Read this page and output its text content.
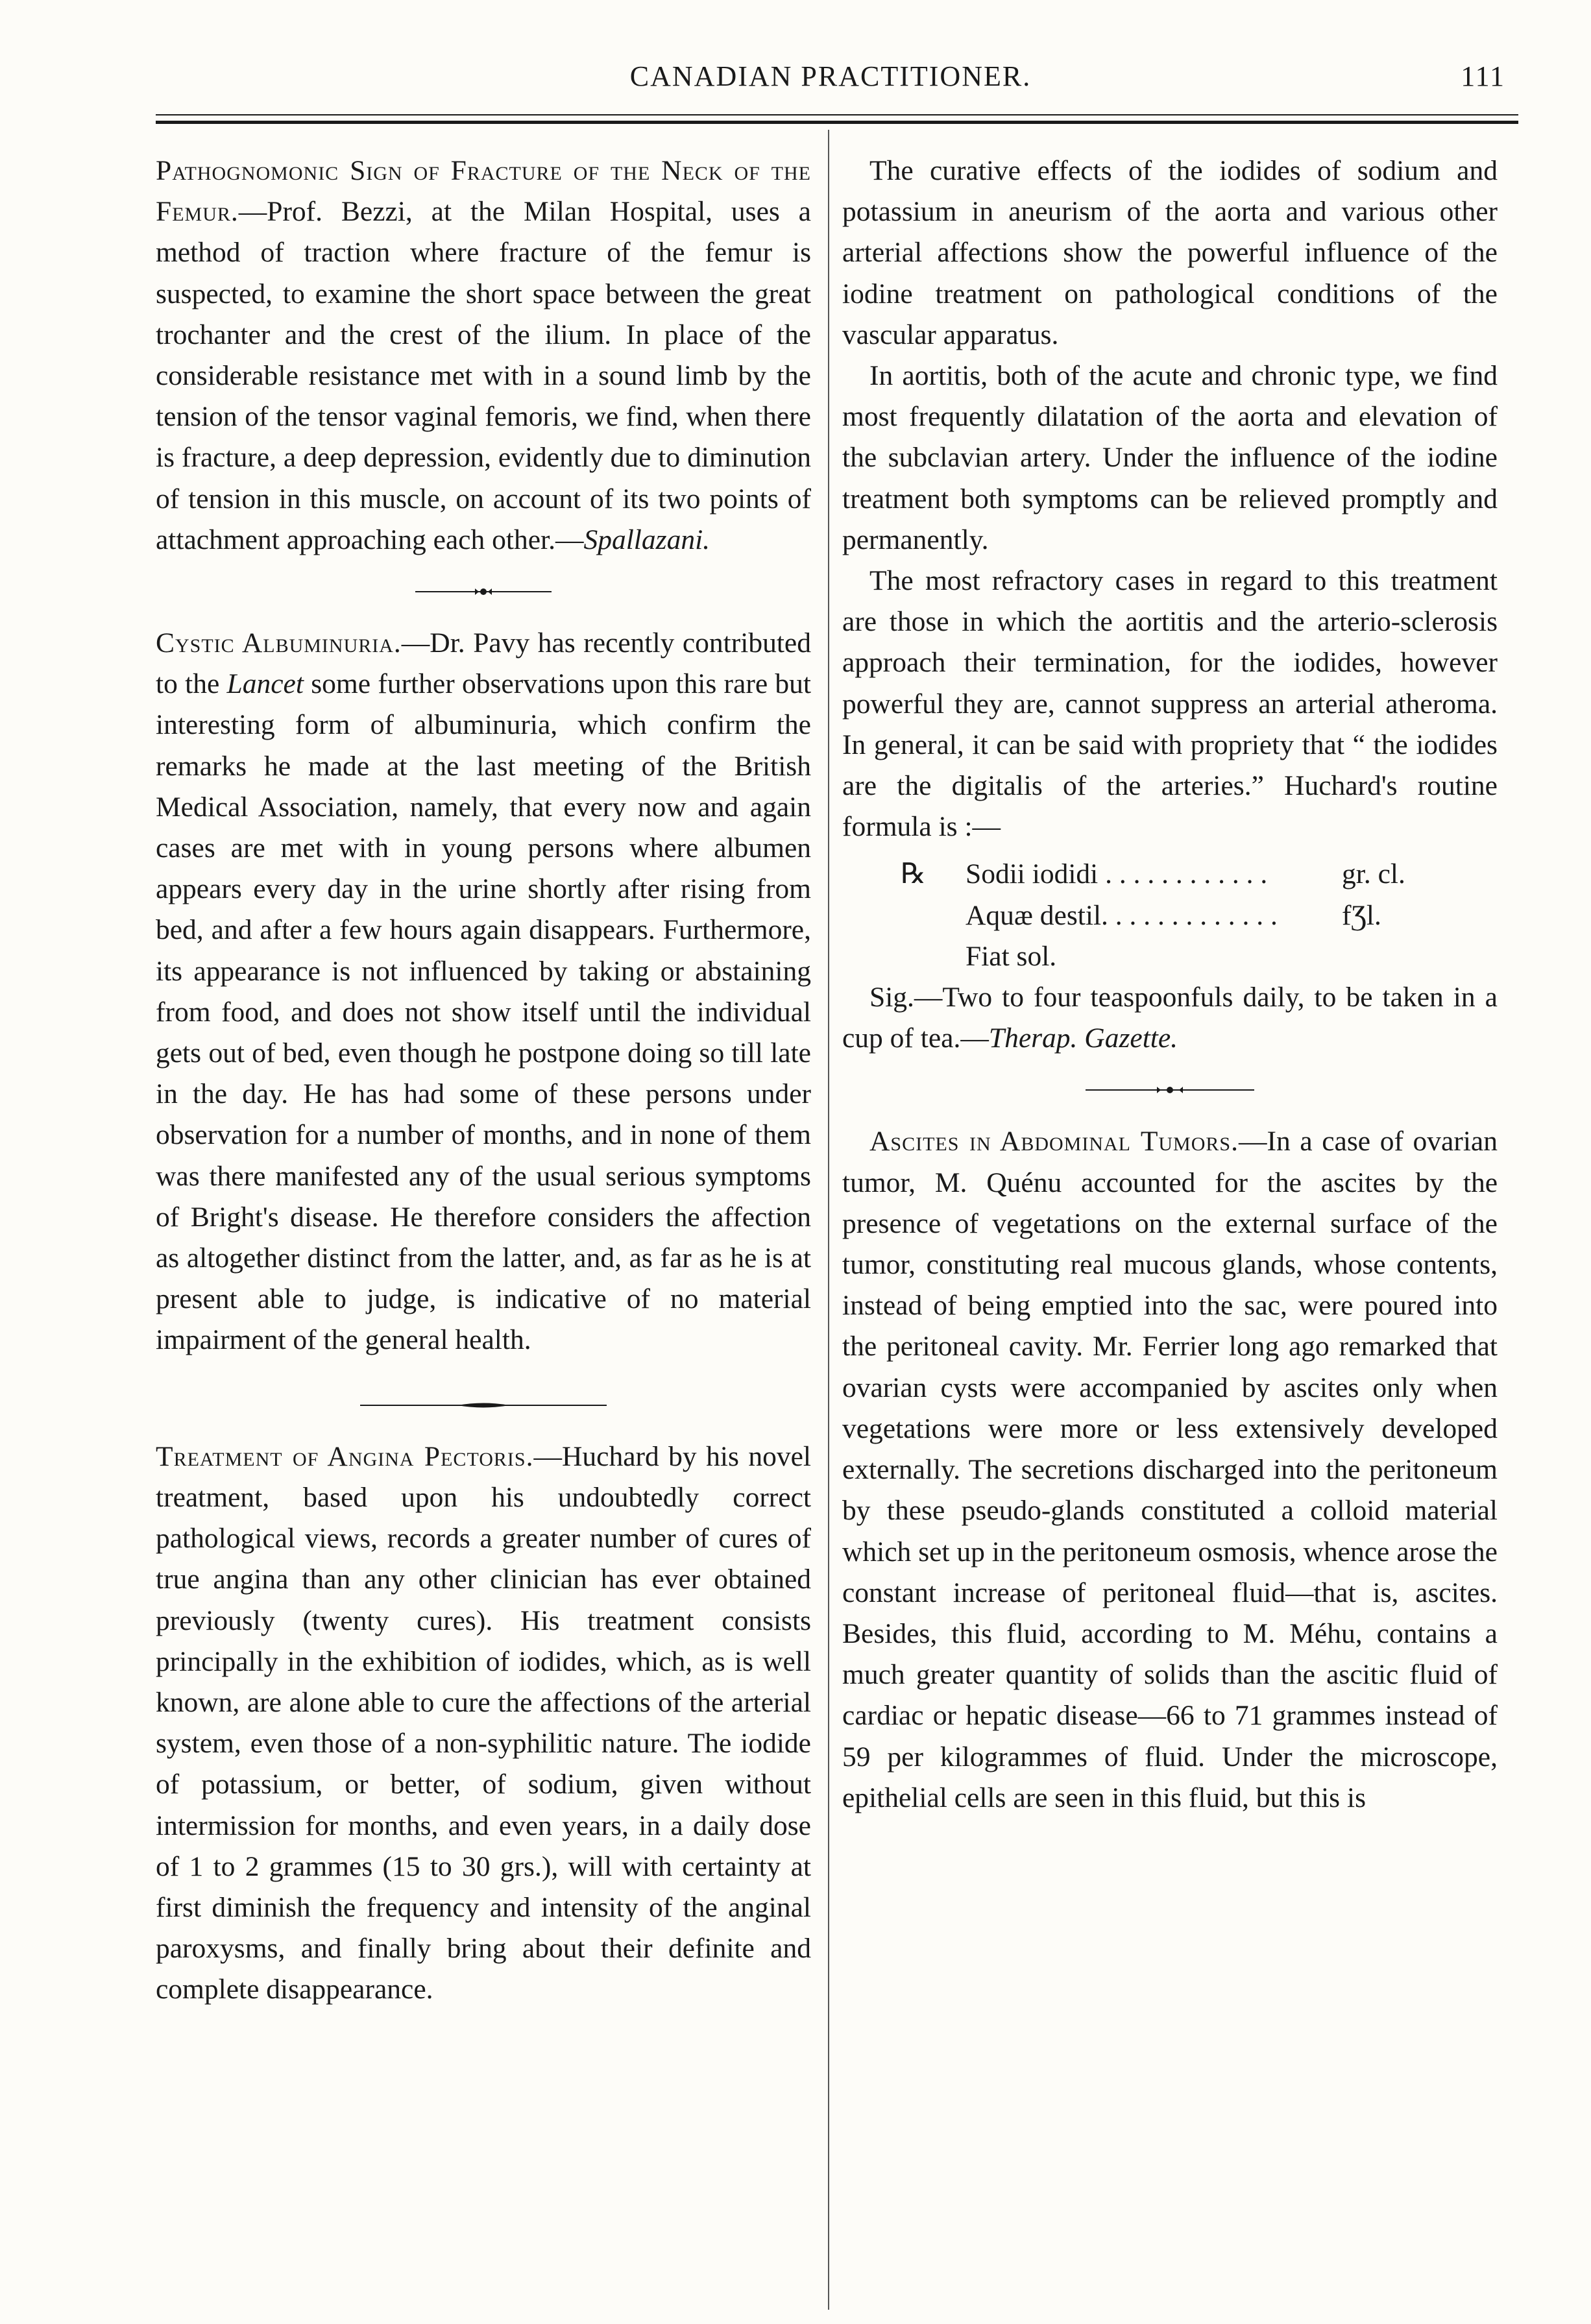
CANADIAN PRACTITIONER.	111

Pathognomonic Sign of Fracture of the Neck of the Femur.—Prof. Bezzi, at the Milan Hospital, uses a method of traction where fracture of the femur is suspected, to examine the short space between the great trochanter and the crest of the ilium. In place of the considerable resistance met with in a sound limb by the tension of the tensor vaginal femoris, we find, when there is fracture, a deep depression, evidently due to diminution of tension in this muscle, on account of its two points of attachment approaching each other.—Spallazani.

Cystic Albuminuria.—Dr. Pavy has recently contributed to the Lancet some further observations upon this rare but interesting form of albuminuria, which confirm the remarks he made at the last meeting of the British Medical Association, namely, that every now and again cases are met with in young persons where albumen appears every day in the urine shortly after rising from bed, and after a few hours again disappears. Furthermore, its appearance is not influenced by taking or abstaining from food, and does not show itself until the individual gets out of bed, even though he postpone doing so till late in the day. He has had some of these persons under observation for a number of months, and in none of them was there manifested any of the usual serious symptoms of Bright's disease. He therefore considers the affection as altogether distinct from the latter, and, as far as he is at present able to judge, is indicative of no material impairment of the general health.

Treatment of Angina Pectoris.—Huchard by his novel treatment, based upon his undoubtedly correct pathological views, records a greater number of cures of true angina than any other clinician has ever obtained previously (twenty cures). His treatment consists principally in the exhibition of iodides, which, as is well known, are alone able to cure the affections of the arterial system, even those of a non-syphilitic nature. The iodide of potassium, or better, of sodium, given without intermission for months, and even years, in a daily dose of 1 to 2 grammes (15 to 30 grs.), will with certainty at first diminish the frequency and intensity of the anginal paroxysms, and finally bring about their definite and complete disappearance.

The curative effects of the iodides of sodium and potassium in aneurism of the aorta and various other arterial affections show the powerful influence of the iodine treatment on pathological conditions of the vascular apparatus.

In aortitis, both of the acute and chronic type, we find most frequently dilatation of the aorta and elevation of the subclavian artery. Under the influence of the iodine treatment both symptoms can be relieved promptly and permanently.

The most refractory cases in regard to this treatment are those in which the aortitis and the arterio-sclerosis approach their termination, for the iodides, however powerful they are, cannot suppress an arterial atheroma. In general, it can be said with propriety that “ the iodides are the digitalis of the arteries.” Huchard's routine formula is :—

℞	Sodii iodidi . . . . . . . . . . . .	gr. cl.
Aquæ destil. . . . . . . . . . . . .	fƷl.
Fiat sol.

Sig.—Two to four teaspoonfuls daily, to be taken in a cup of tea.—Therap. Gazette.

Ascites in Abdominal Tumors.—In a case of ovarian tumor, M. Quénu accounted for the ascites by the presence of vegetations on the external surface of the tumor, constituting real mucous glands, whose contents, instead of being emptied into the sac, were poured into the peritoneal cavity. Mr. Ferrier long ago remarked that ovarian cysts were accompanied by ascites only when vegetations were more or less extensively developed externally. The secretions discharged into the peritoneum by these pseudo-glands constituted a colloid material which set up in the peritoneum osmosis, whence arose the constant increase of peritoneal fluid—that is, ascites. Besides, this fluid, according to M. Méhu, contains a much greater quantity of solids than the ascitic fluid of cardiac or hepatic disease—66 to 71 grammes instead of 59 per kilogrammes of fluid. Under the microscope, epithelial cells are seen in this fluid, but this is
